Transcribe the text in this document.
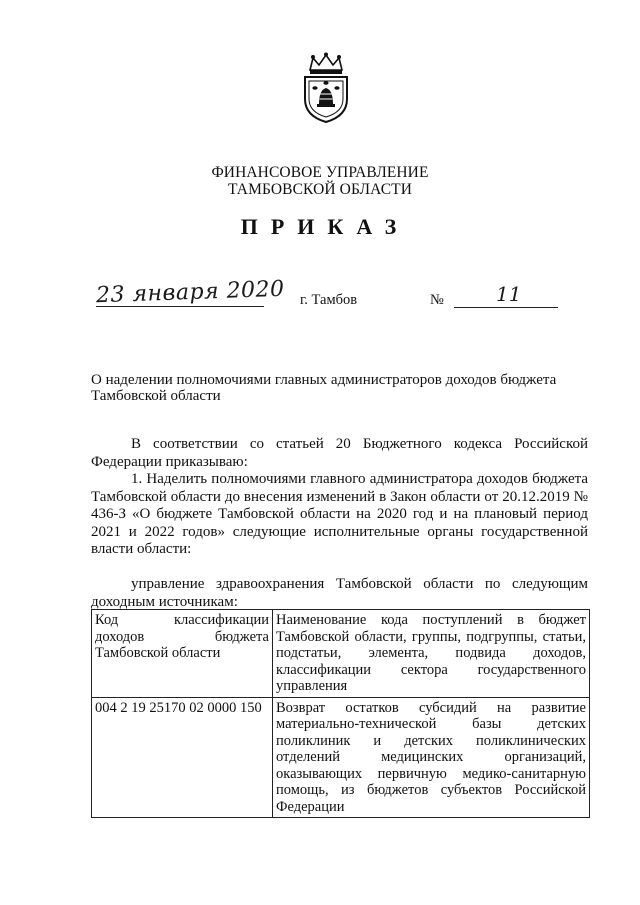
ФИНАНСОВОЕ УПРАВЛЕНИЕ
ТАМБОВСКОЙ ОБЛАСТИ
ПРИКАЗ
23 января 2020 г. Тамбов	№	11
О наделении полномочиями главных администраторов доходов бюджета Тамбовской области
В соответствии со статьей 20 Бюджетного кодекса Российской Федерации приказываю:
1. Наделить полномочиями главного администратора доходов бюджета Тамбовской области до внесения изменений в Закон области от 20.12.2019 № 436-З «О бюджете Тамбовской области на 2020 год и на плановый период 2021 и 2022 годов» следующие исполнительные органы государственной власти области:
управление здравоохранения Тамбовской области по следующим доходным источникам:
Код классификации доходов бюджета Тамбовской области	Наименование кода поступлений в бюджет Тамбовской области, группы, подгруппы, статьи, подстатьи, элемента, подвида доходов, классификации сектора государственного управления
004 2 19 25170 02 0000 150	Возврат остатков субсидий на развитие материально-технической базы детских поликлиник и детских поликлинических отделений медицинских организаций, оказывающих первичную медико-санитарную помощь, из бюджетов субъектов Российской Федерации
